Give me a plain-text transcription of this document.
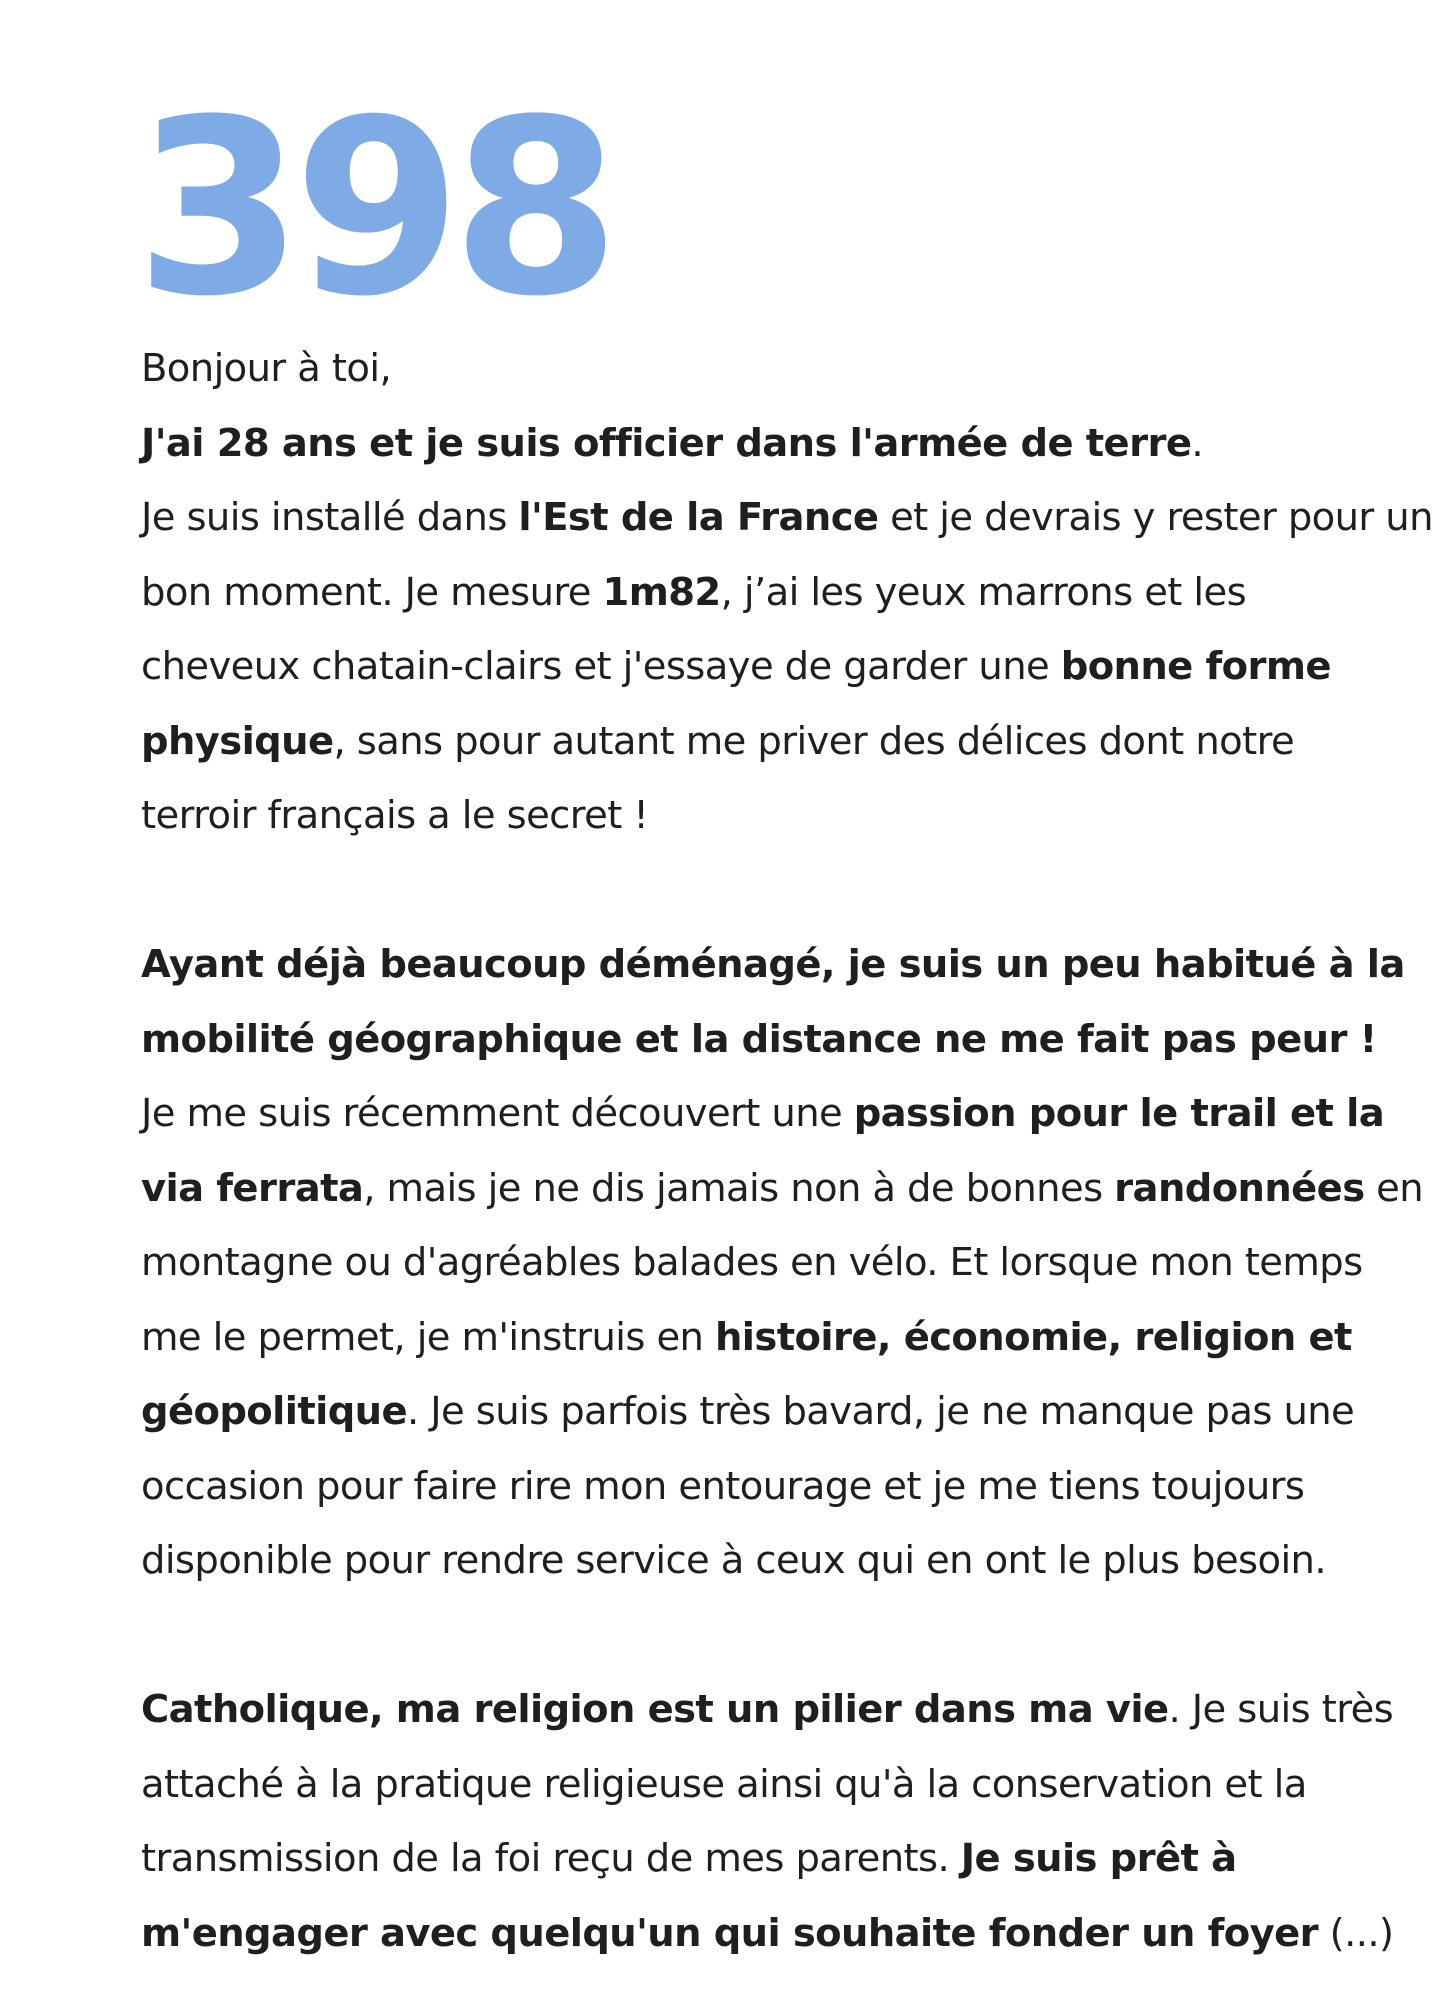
398

Bonjour à toi,
J'ai 28 ans et je suis officier dans l'armée de terre.
Je suis installé dans l'Est de la France et je devrais y rester pour un
bon moment. Je mesure 1m82, j’ai les yeux marrons et les
cheveux chatain-clairs et j'essaye de garder une bonne forme
physique, sans pour autant me priver des délices dont notre
terroir français a le secret !

Ayant déjà beaucoup déménagé, je suis un peu habitué à la
mobilité géographique et la distance ne me fait pas peur !
Je me suis récemment découvert une passion pour le trail et la
via ferrata, mais je ne dis jamais non à de bonnes randonnées en
montagne ou d'agréables balades en vélo. Et lorsque mon temps
me le permet, je m'instruis en histoire, économie, religion et
géopolitique. Je suis parfois très bavard, je ne manque pas une
occasion pour faire rire mon entourage et je me tiens toujours
disponible pour rendre service à ceux qui en ont le plus besoin.

Catholique, ma religion est un pilier dans ma vie. Je suis très
attaché à la pratique religieuse ainsi qu'à la conservation et la
transmission de la foi reçu de mes parents. Je suis prêt à
m'engager avec quelqu'un qui souhaite fonder un foyer (...)
